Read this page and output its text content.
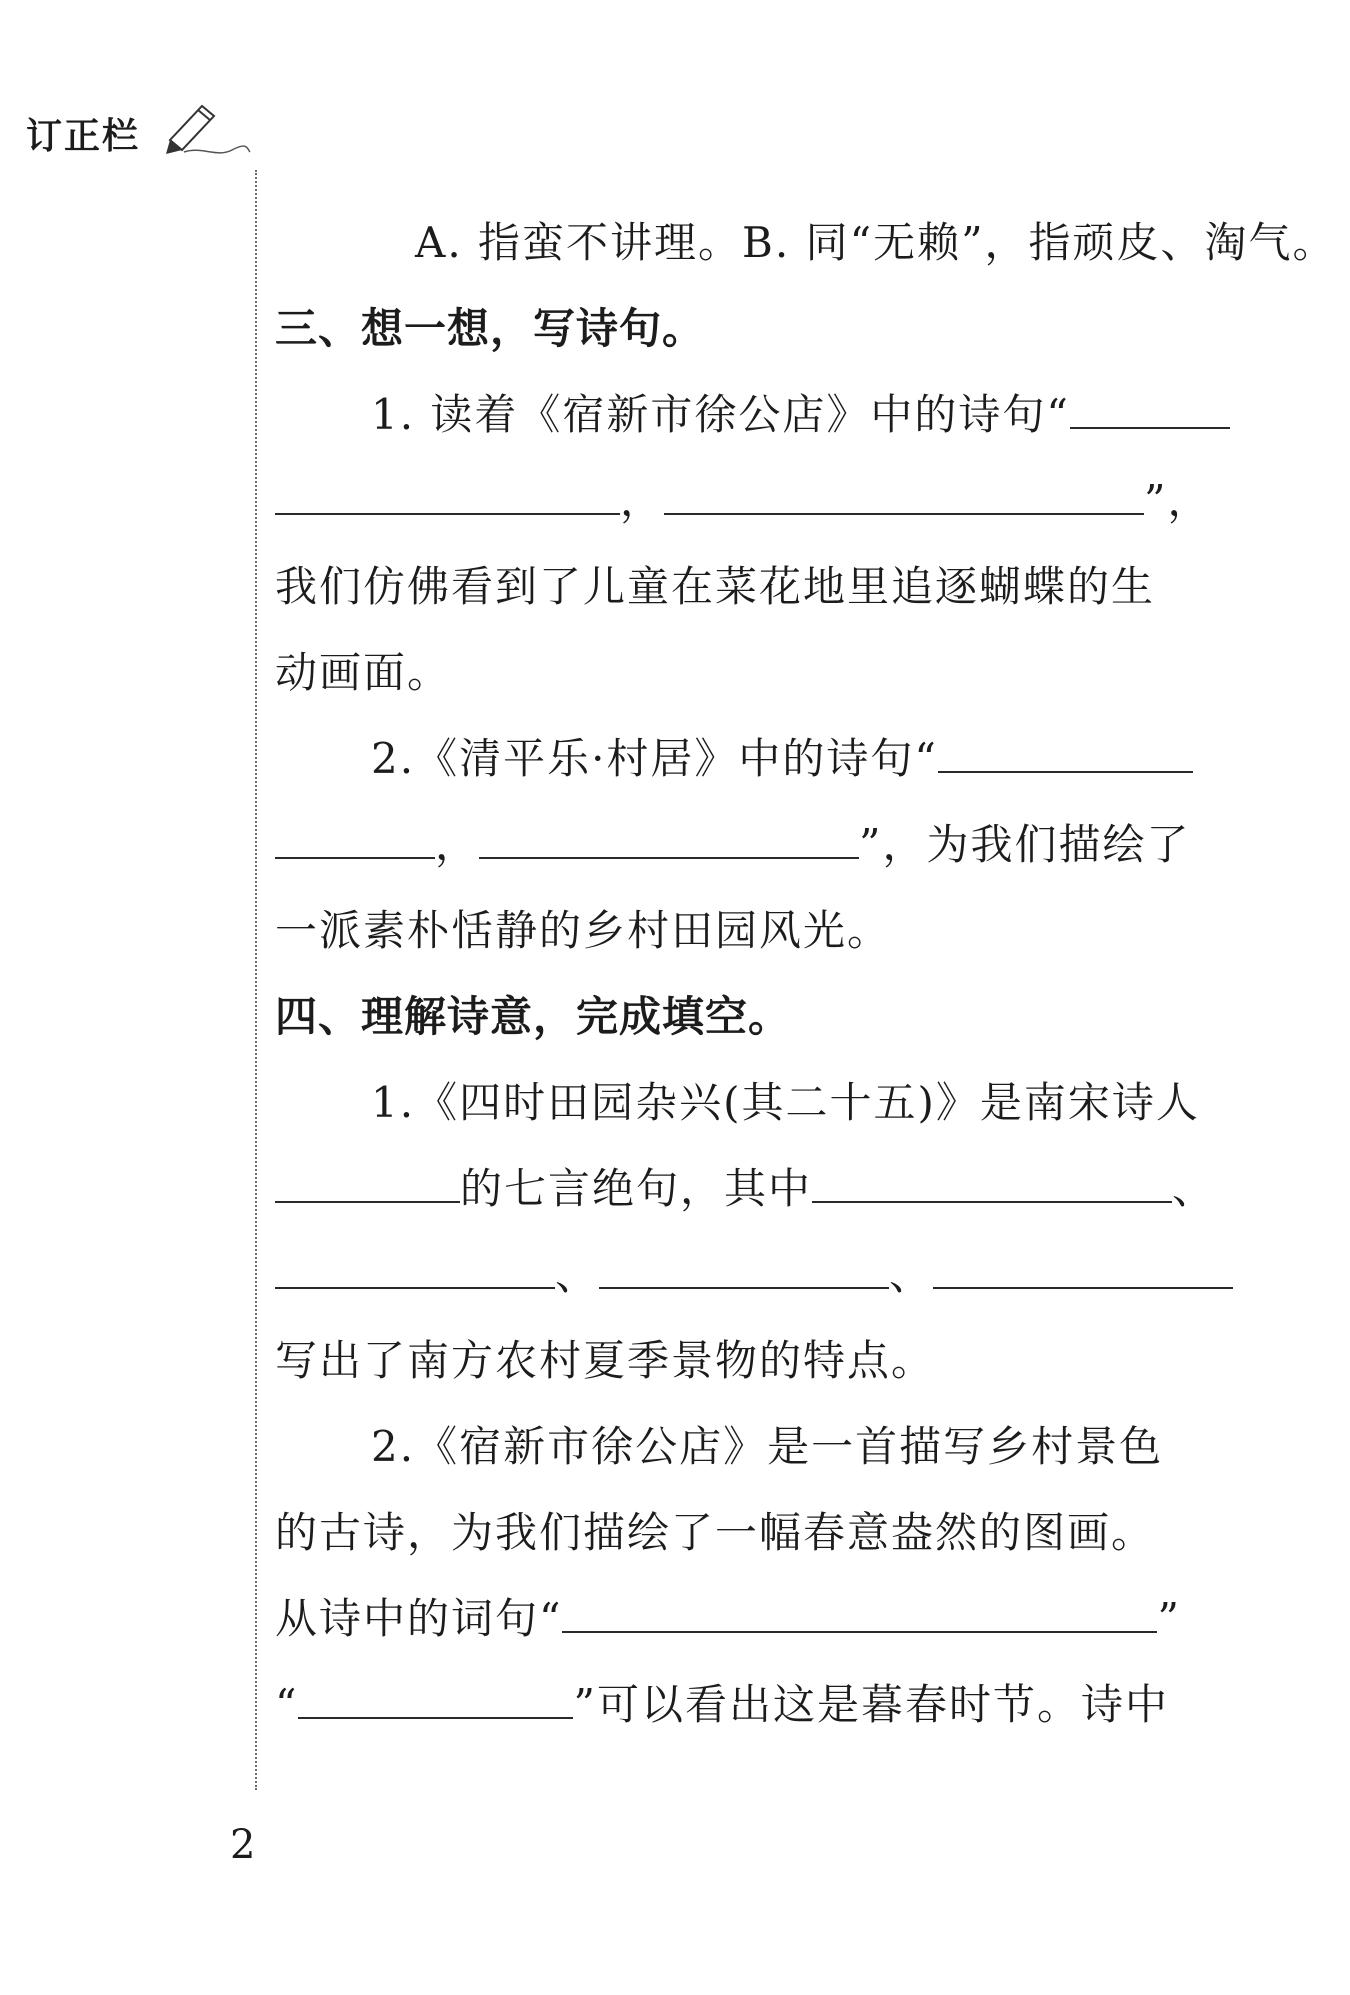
订正栏
A. 指蛮不讲理。B. 同“无赖”，指顽皮、淘气。
三、想一想，写诗句。
1. 读着《宿新市徐公店》中的诗句“
，	”，
我们仿佛看到了儿童在菜花地里追逐蝴蝶的生
动画面。
2.《清平乐·村居》中的诗句“
，	”，为我们描绘了
一派素朴恬静的乡村田园风光。
四、理解诗意，完成填空。
1.《四时田园杂兴(其二十五)》是南宋诗人
的七言绝句，其中	、
、	、
写出了南方农村夏季景物的特点。
2.《宿新市徐公店》是一首描写乡村景色
的古诗，为我们描绘了一幅春意盎然的图画。
从诗中的词句“	”
“	”可以看出这是暮春时节。诗中
2
